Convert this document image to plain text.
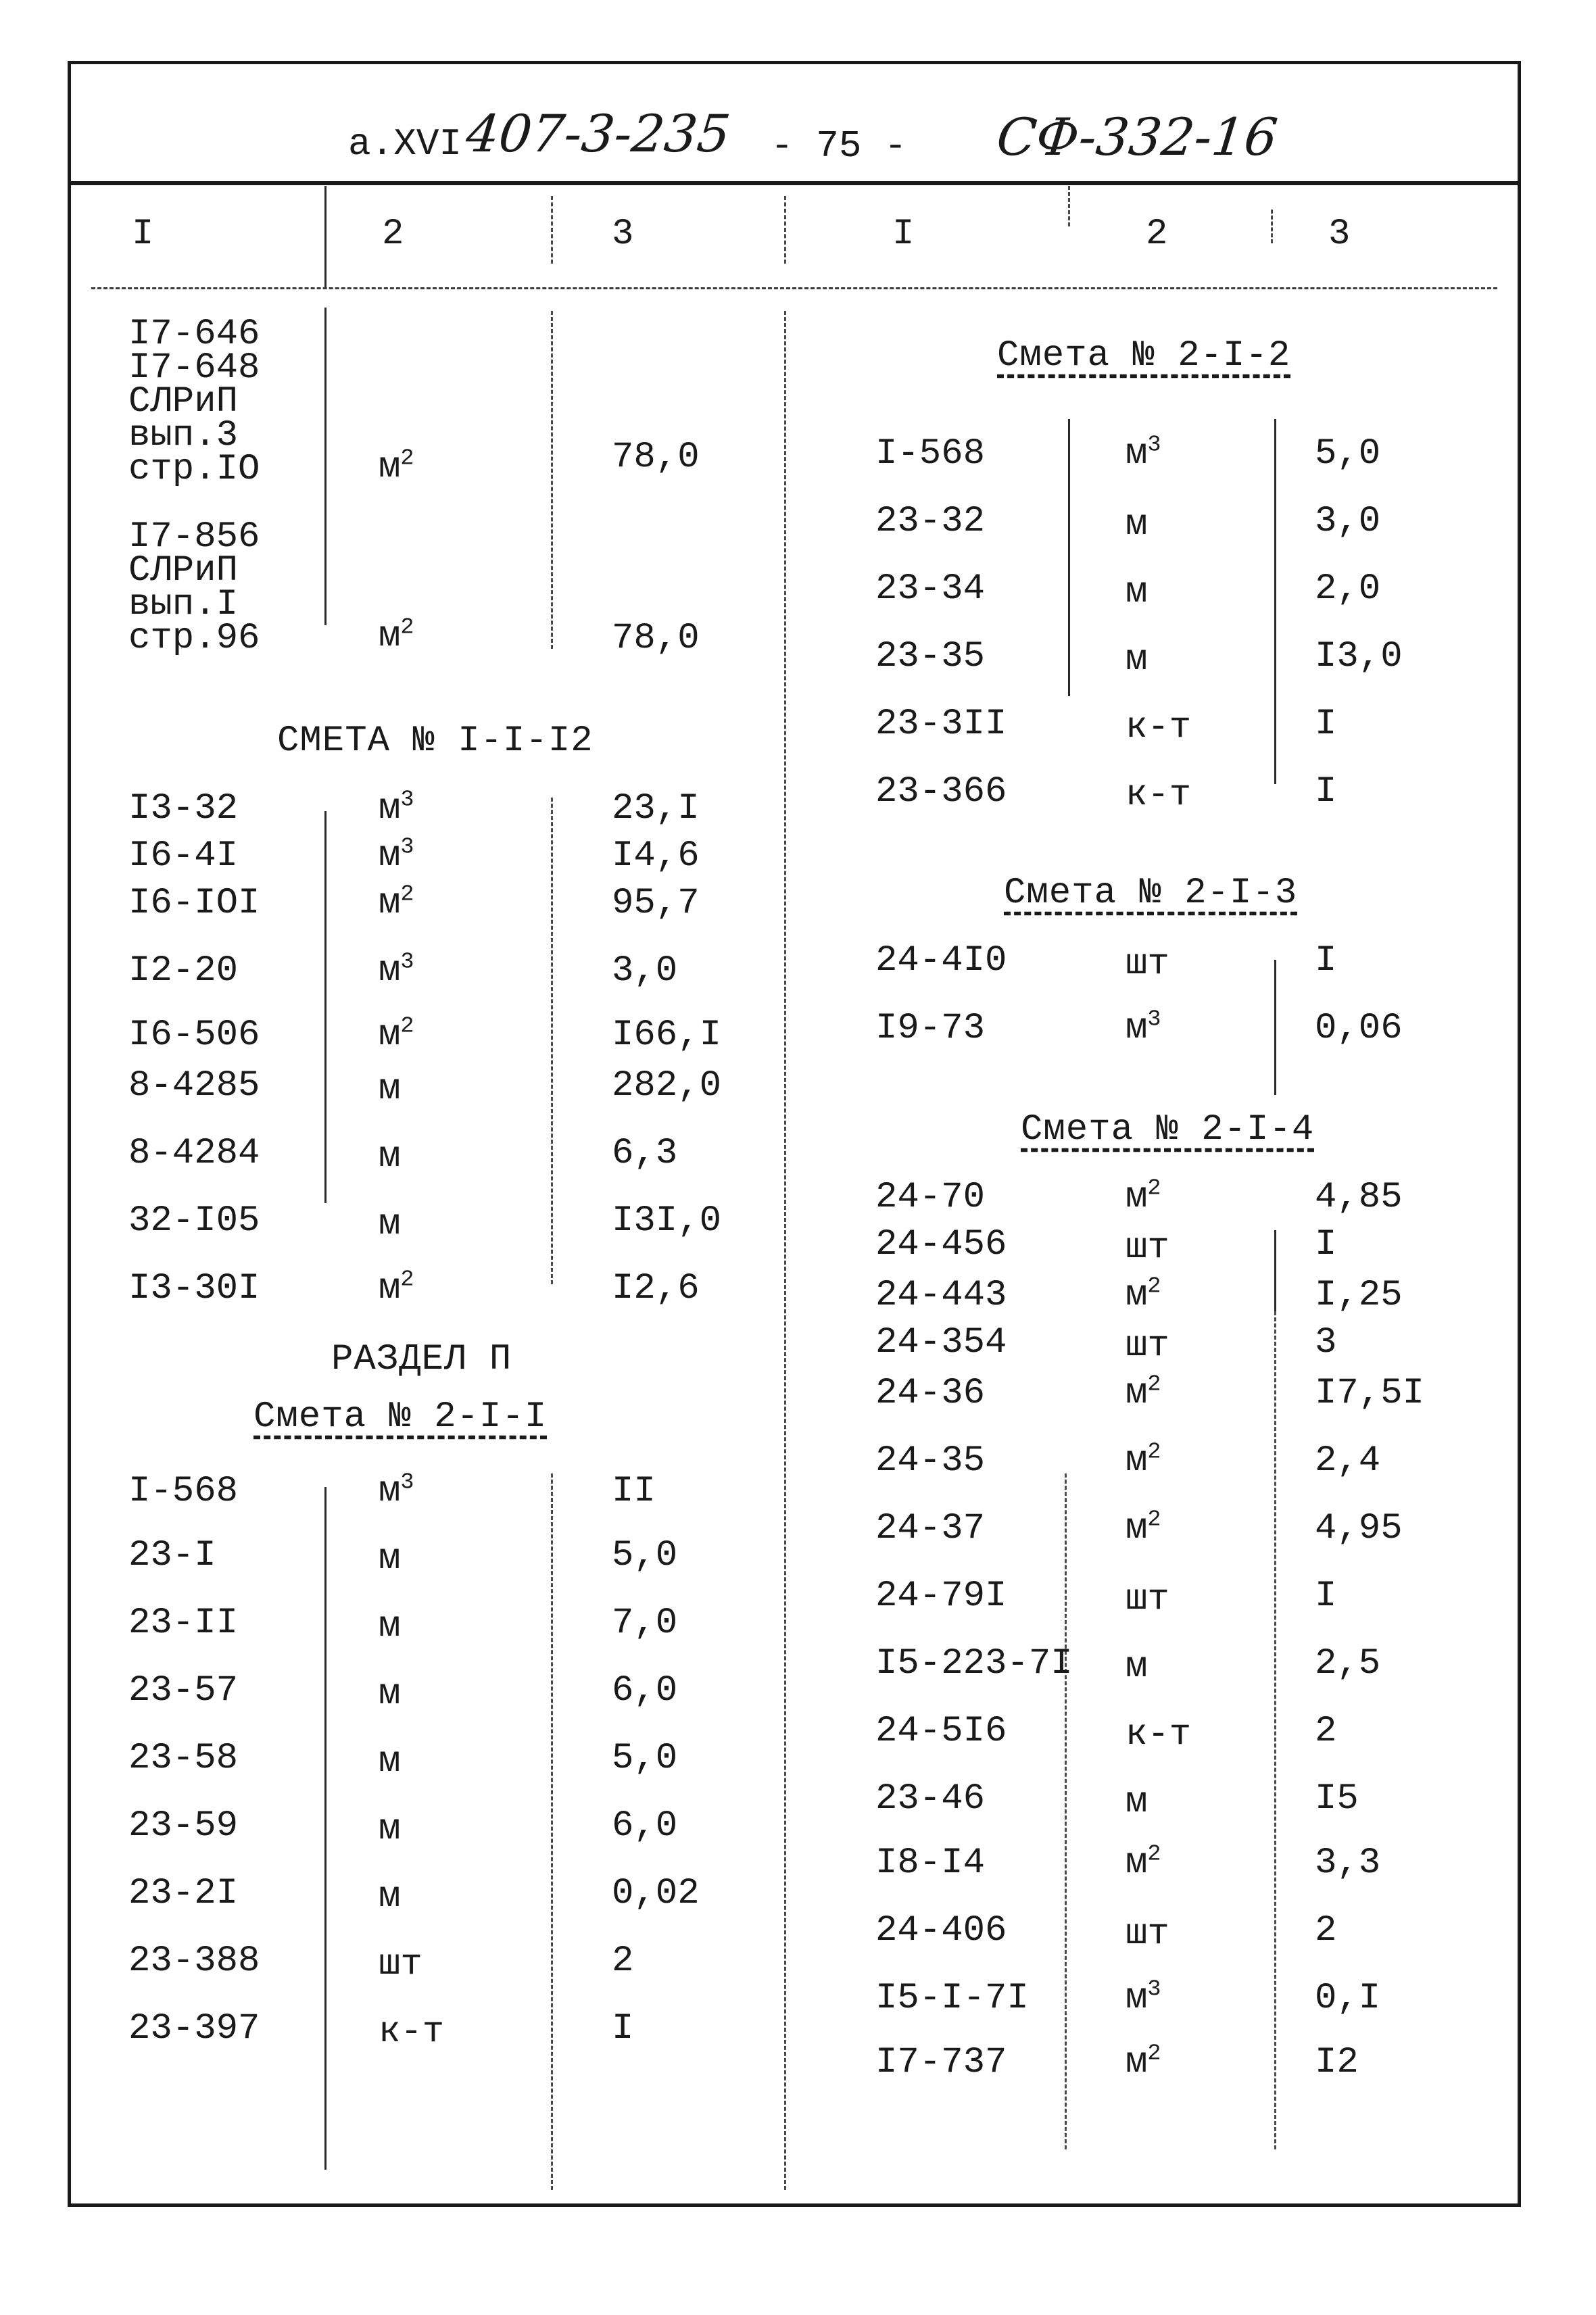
а.XVI 407-3-235 - 75 - СФ-332-16
I	2	3	I	2	3
I7-646
I7-648
СЛРиП
вып.3
стр.IO	$м^2$	78,0
I7-856
СЛРиП
вып.I
стр.96	$м^2$	78,0
СМЕТА № I-I-I2
I3-32	$м^3$	23,I
I6-4I	$м^3$	I4,6
I6-IOI	$м^2$	95,7
I2-20	$м^3$	3,0
I6-506	$м^2$	I66,I
8-4285	м	282,0
8-4284	м	6,3
32-I05	м	I3I,0
I3-30I	$м^2$	I2,6
РАЗДЕЛ П
Смета № 2-I-I
I-568	$м^3$	II
23-I	м	5,0
23-II	м	7,0
23-57	м	6,0
23-58	м	5,0
23-59	м	6,0
23-2I	м	0,02
23-388	шт	2
23-397	к-т	I
Смета № 2-I-2
I-568	$м^3$	5,0
23-32	м	3,0
23-34	м	2,0
23-35	м	I3,0
23-3II	к-т	I
23-366	к-т	I
Смета № 2-I-3
24-4I0	шт	I
I9-73	$м^3$	0,06
Смета № 2-I-4
24-70	$м^2$	4,85
24-456	шт	I
24-443	$м^2$	I,25
24-354	шт	3
24-36	$м^2$	I7,5I
24-35	$м^2$	2,4
24-37	$м^2$	4,95
24-79I	шт	I
I5-223-7I м	2,5
24-5I6	к-т	2
23-46	м	I5
I8-I4	$м^2$	3,3
24-406	шт	2
I5-I-7I	$м^3$	0,I
I7-737	$м^2$	I2
